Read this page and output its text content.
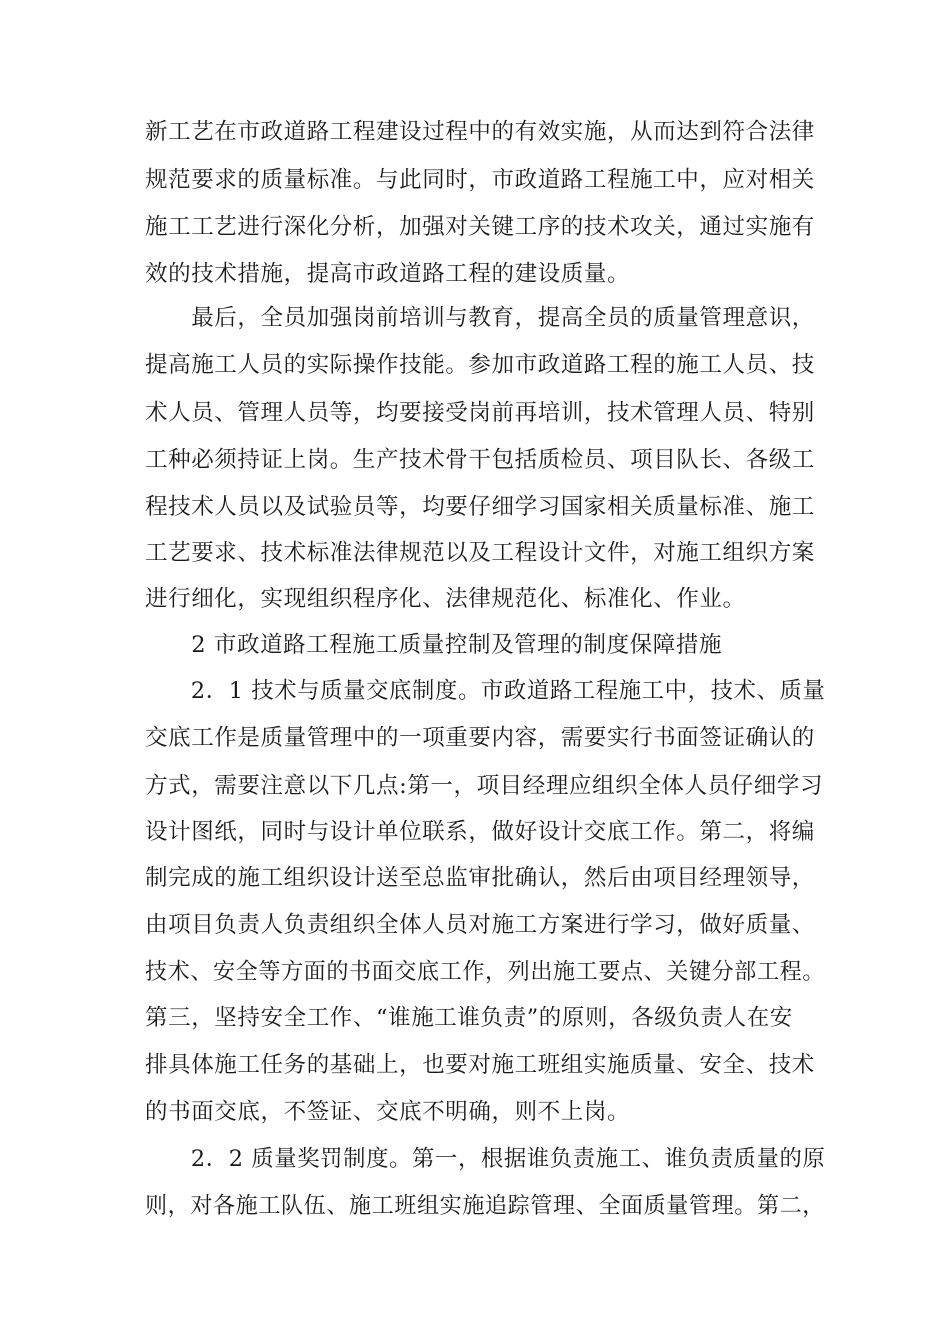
新工艺在市政道路工程建设过程中的有效实施，从而达到符合法律
规范要求的质量标准。与此同时，市政道路工程施工中，应对相关
施工工艺进行深化分析，加强对关键工序的技术攻关，通过实施有
效的技术措施，提高市政道路工程的建设质量。
　　最后，全员加强岗前培训与教育，提高全员的质量管理意识，
提高施工人员的实际操作技能。参加市政道路工程的施工人员、技
术人员、管理人员等，均要接受岗前再培训，技术管理人员、特别
工种必须持证上岗。生产技术骨干包括质检员、项目队长、各级工
程技术人员以及试验员等，均要仔细学习国家相关质量标准、施工
工艺要求、技术标准法律规范以及工程设计文件，对施工组织方案
进行细化，实现组织程序化、法律规范化、标准化、作业。
　　2 市政道路工程施工质量控制及管理的制度保障措施
　　2．1 技术与质量交底制度。市政道路工程施工中，技术、质量
交底工作是质量管理中的一项重要内容，需要实行书面签证确认的
方式，需要注意以下几点:第一，项目经理应组织全体人员仔细学习
设计图纸，同时与设计单位联系，做好设计交底工作。第二，将编
制完成的施工组织设计送至总监审批确认，然后由项目经理领导，
由项目负责人负责组织全体人员对施工方案进行学习，做好质量、
技术、安全等方面的书面交底工作，列出施工要点、关键分部工程。
第三，坚持安全工作、“谁施工谁负责”的原则，各级负责人在安
排具体施工任务的基础上，也要对施工班组实施质量、安全、技术
的书面交底，不签证、交底不明确，则不上岗。
　　2．2 质量奖罚制度。第一，根据谁负责施工、谁负责质量的原
则，对各施工队伍、施工班组实施追踪管理、全面质量管理。第二，
